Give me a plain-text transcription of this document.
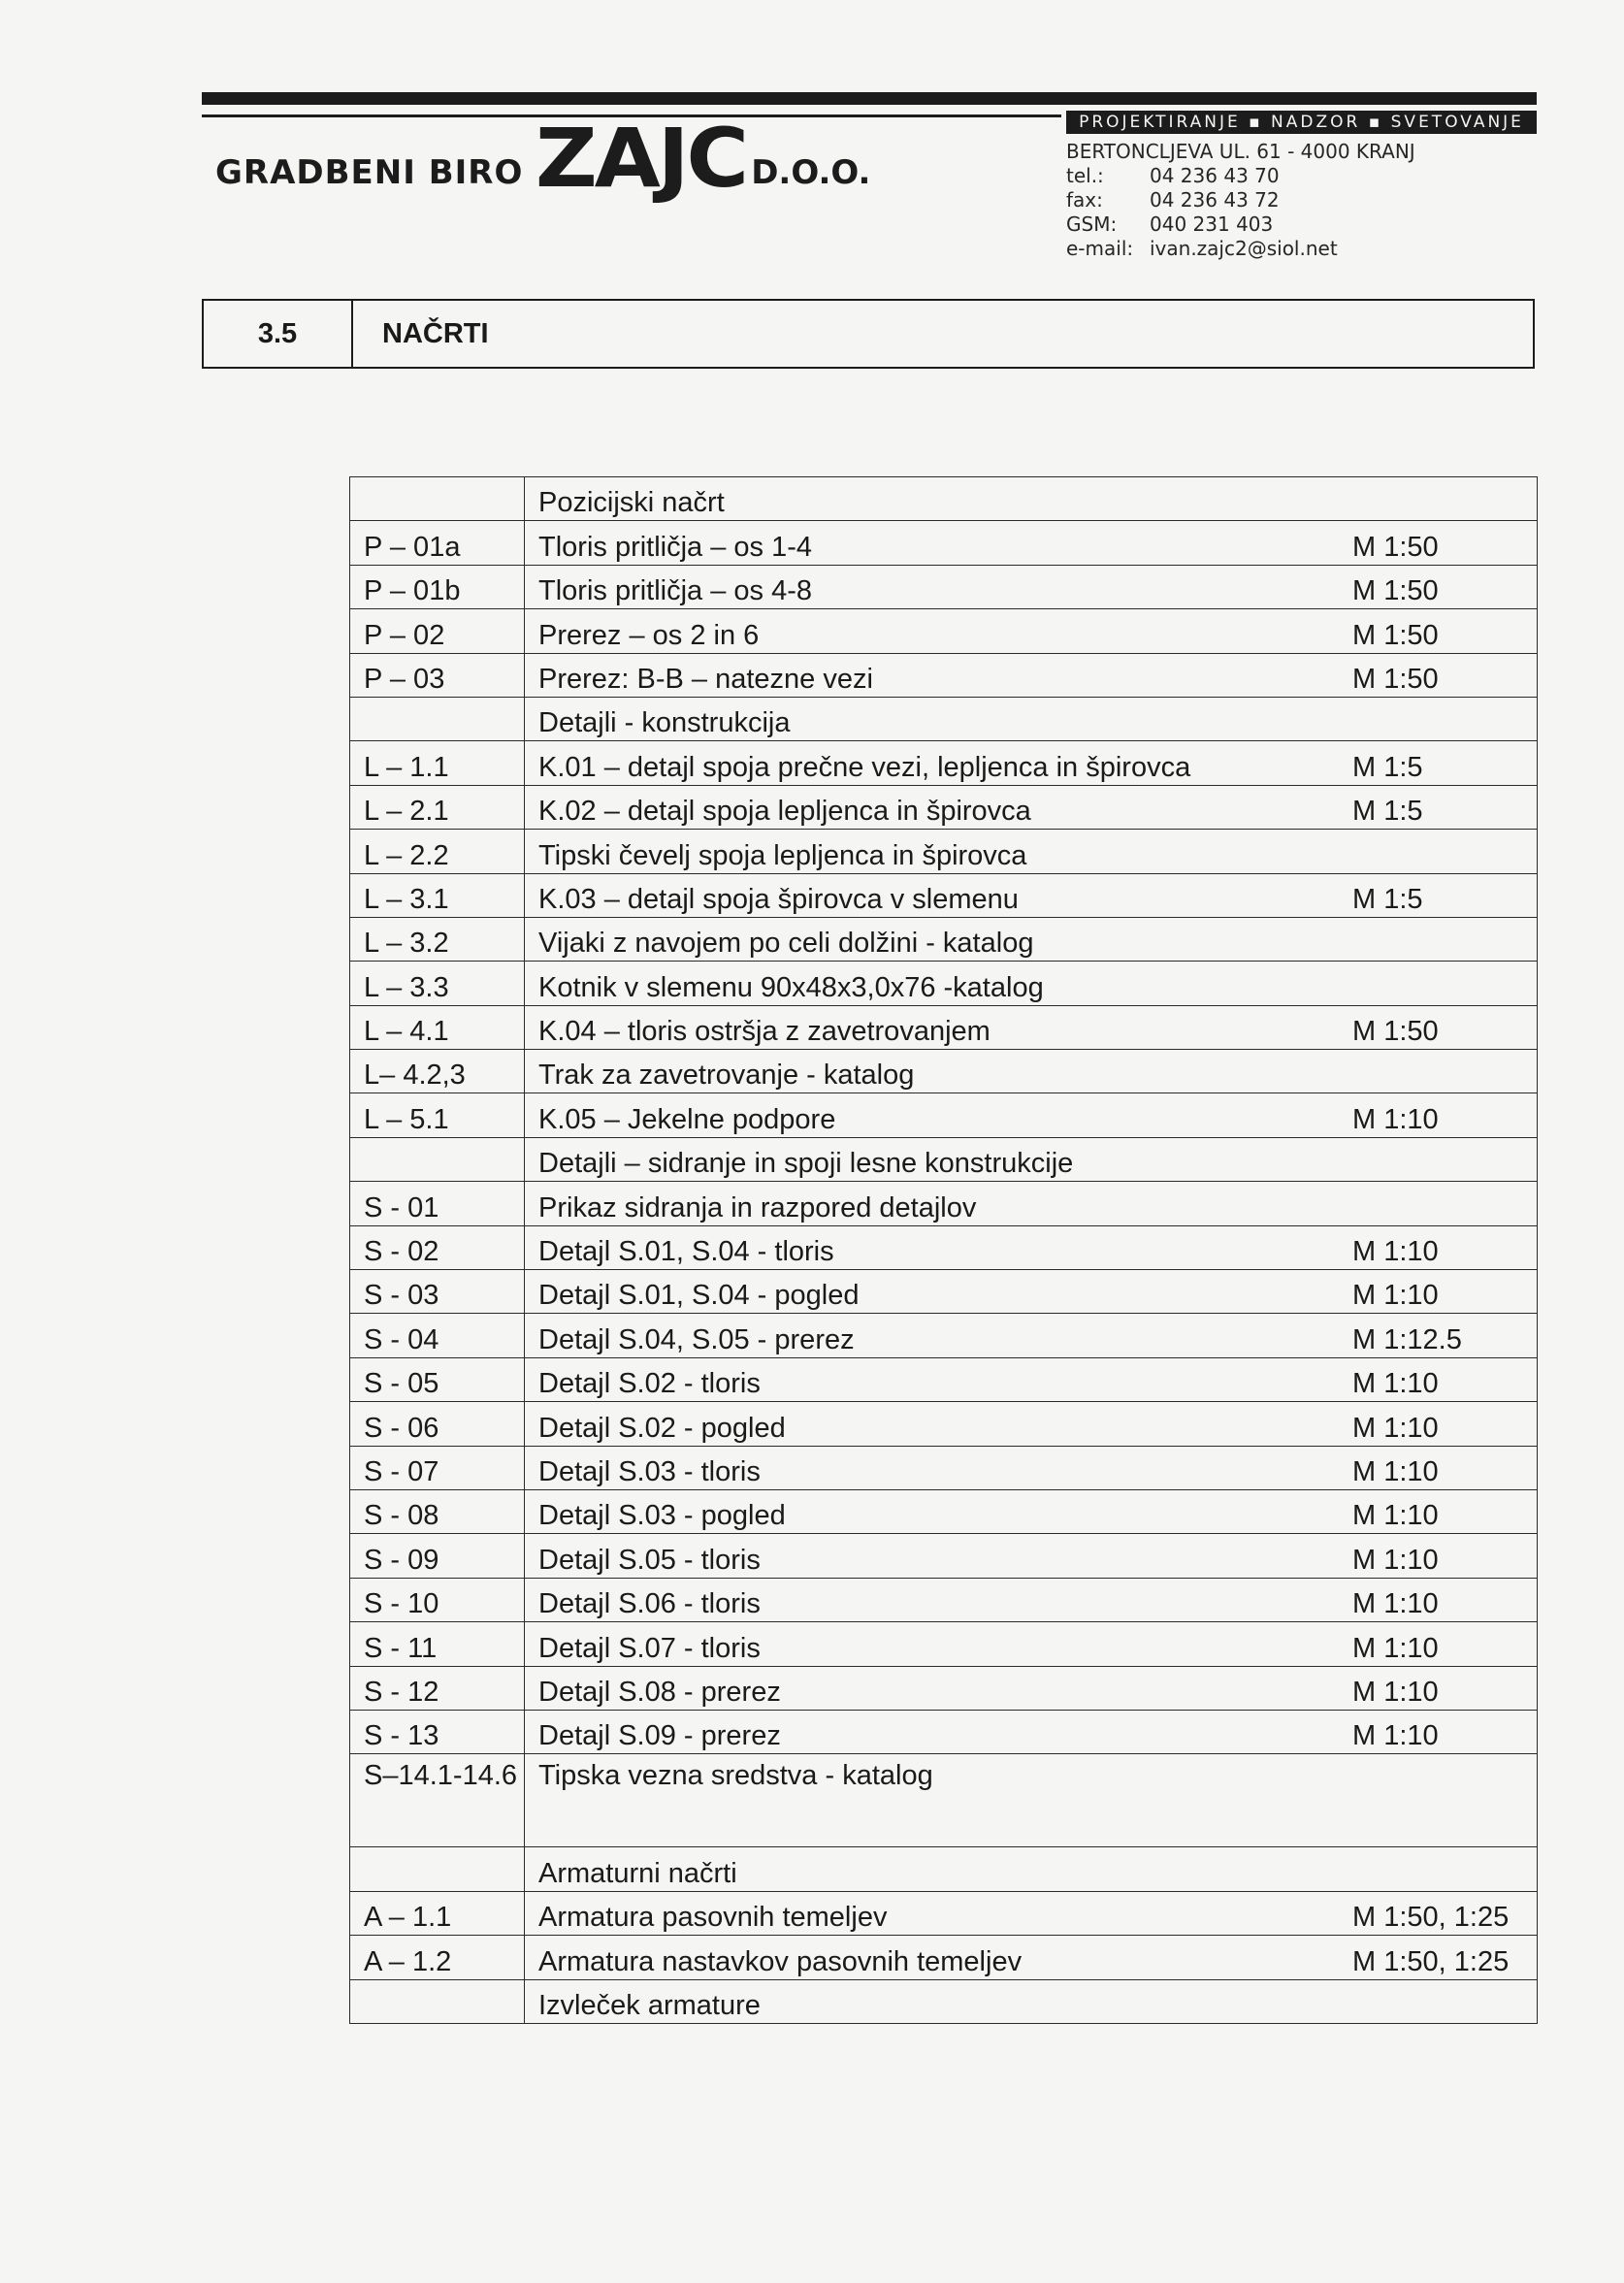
PROJEKTIRANJE ▪ NADZOR ▪ SVETOVANJE
GRADBENI BIRO ZAJC D.O.O.
BERTONCLJEVA UL. 61 - 4000 KRANJ
tel.:	04 236 43 70
fax:	04 236 43 72
GSM:	040 231 403
e-mail: ivan.zajc2@siol.net
3.5	NAČRTI
	Pozicijski načrt	
P – 01a	Tloris pritličja – os 1-4	M 1:50
P – 01b	Tloris pritličja – os 4-8	M 1:50
P – 02	Prerez – os 2 in 6	M 1:50
P – 03	Prerez: B-B – natezne vezi	M 1:50
	Detajli - konstrukcija	
L – 1.1	K.01 – detajl spoja prečne vezi, lepljenca in špirovca	M 1:5
L – 2.1	K.02 – detajl spoja lepljenca in špirovca	M 1:5
L – 2.2	Tipski čevelj spoja lepljenca in špirovca	
L – 3.1	K.03 – detajl spoja špirovca v slemenu	M 1:5
L – 3.2	Vijaki z navojem po celi dolžini - katalog	
L – 3.3	Kotnik v slemenu 90x48x3,0x76 -katalog	
L – 4.1	K.04 – tloris ostršja z zavetrovanjem	M 1:50
L– 4.2,3	Trak za zavetrovanje - katalog	
L – 5.1	K.05 – Jekelne podpore	M 1:10
	Detajli – sidranje in spoji lesne konstrukcije	
S - 01	Prikaz sidranja in razpored detajlov	
S - 02	Detajl S.01, S.04 - tloris	M 1:10
S - 03	Detajl S.01, S.04 - pogled	M 1:10
S - 04	Detajl S.04, S.05 - prerez	M 1:12.5
S - 05	Detajl S.02 - tloris	M 1:10
S - 06	Detajl S.02 - pogled	M 1:10
S - 07	Detajl S.03 - tloris	M 1:10
S - 08	Detajl S.03 - pogled	M 1:10
S - 09	Detajl S.05 - tloris	M 1:10
S - 10	Detajl S.06 - tloris	M 1:10
S - 11	Detajl S.07 - tloris	M 1:10
S - 12	Detajl S.08 - prerez	M 1:10
S - 13	Detajl S.09 - prerez	M 1:10
S–14.1-14.6	Tipska vezna sredstva - katalog	
	Armaturni načrti	
A – 1.1	Armatura pasovnih temeljev	M 1:50, 1:25
A – 1.2	Armatura nastavkov pasovnih temeljev	M 1:50, 1:25
	Izvleček armature	
